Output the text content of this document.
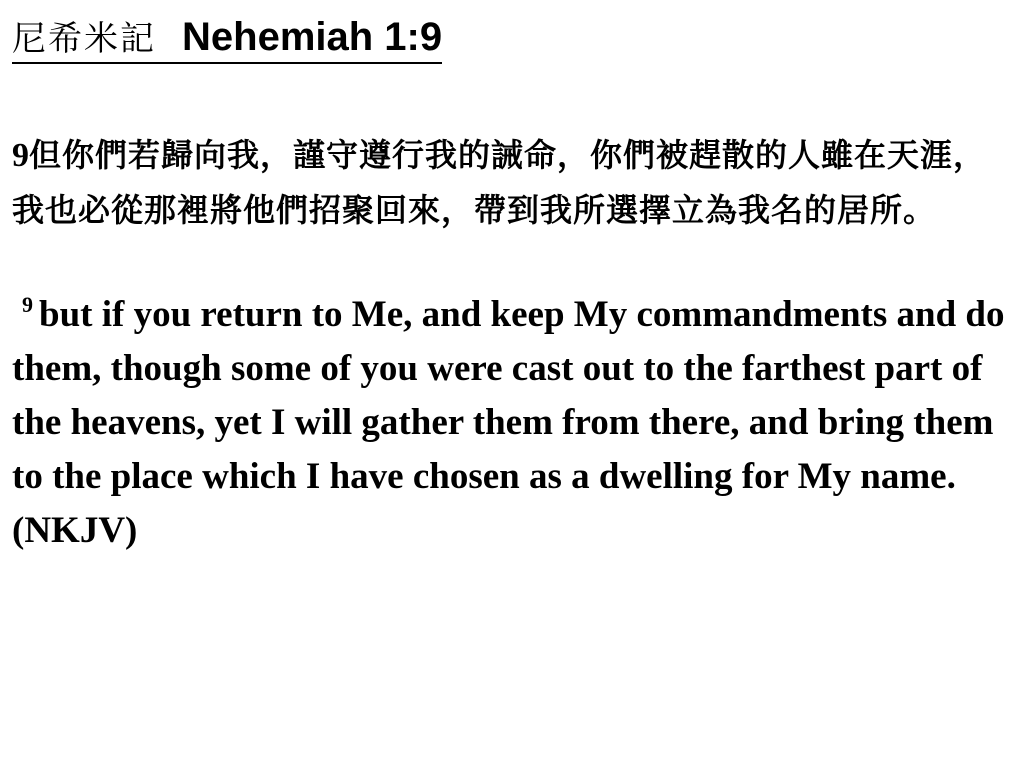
尼希米記 Nehemiah 1:9

9但你們若歸向我，謹守遵行我的誡命，你們被趕散的人雖在天涯，我也必從那裡將他們招聚回來，帶到我所選擇立為我名的居所。

$^9$ but if you return to Me, and keep My commandments and do them, though some of you were cast out to the farthest part of the heavens, yet I will gather them from there, and bring them to the place which I have chosen as a dwelling for My name. (NKJV)
